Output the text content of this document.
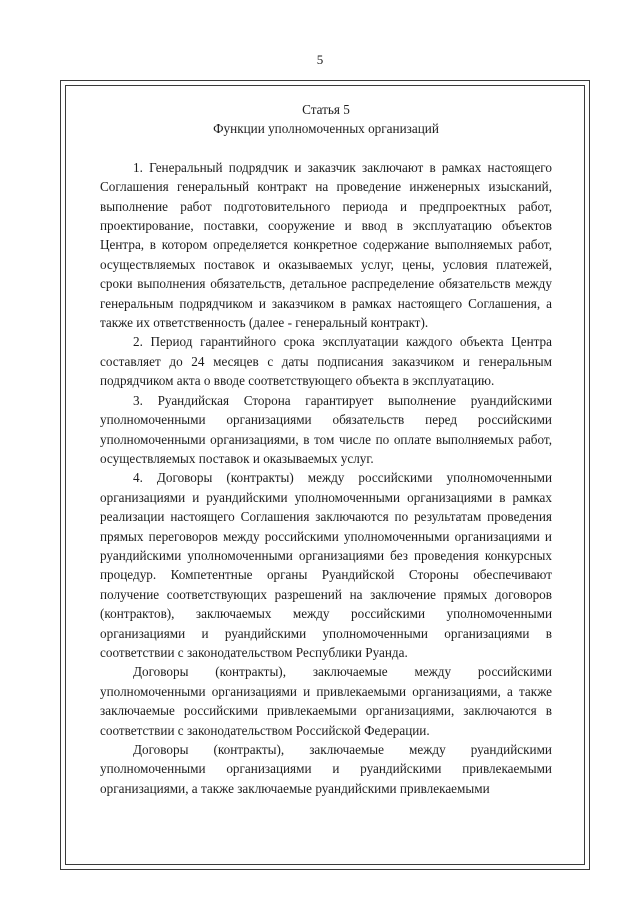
5

Статья 5

Функции уполномоченных организаций

1. Генеральный подрядчик и заказчик заключают в рамках настоящего Соглашения генеральный контракт на проведение инженерных изысканий, выполнение работ подготовительного периода и предпроектных работ, проектирование, поставки, сооружение и ввод в эксплуатацию объектов Центра, в котором определяется конкретное содержание выполняемых работ, осуществляемых поставок и оказываемых услуг, цены, условия платежей, сроки выполнения обязательств, детальное распределение обязательств между генеральным подрядчиком и заказчиком в рамках настоящего Соглашения, а также их ответственность (далее - генеральный контракт).

2. Период гарантийного срока эксплуатации каждого объекта Центра составляет до 24 месяцев с даты подписания заказчиком и генеральным подрядчиком акта о вводе соответствующего объекта в эксплуатацию.

3. Руандийская Сторона гарантирует выполнение руандийскими уполномоченными организациями обязательств перед российскими уполномоченными организациями, в том числе по оплате выполняемых работ, осуществляемых поставок и оказываемых услуг.

4. Договоры (контракты) между российскими уполномоченными организациями и руандийскими уполномоченными организациями в рамках реализации настоящего Соглашения заключаются по результатам проведения прямых переговоров между российскими уполномоченными организациями и руандийскими уполномоченными организациями без проведения конкурсных процедур. Компетентные органы Руандийской Стороны обеспечивают получение соответствующих разрешений на заключение прямых договоров (контрактов), заключаемых между российскими уполномоченными организациями и руандийскими уполномоченными организациями в соответствии с законодательством Республики Руанда.

Договоры (контракты), заключаемые между российскими уполномоченными организациями и привлекаемыми организациями, а также заключаемые российскими привлекаемыми организациями, заключаются в соответствии с законодательством Российской Федерации.

Договоры (контракты), заключаемые между руандийскими уполномоченными организациями и руандийскими привлекаемыми организациями, а также заключаемые руандийскими привлекаемыми
